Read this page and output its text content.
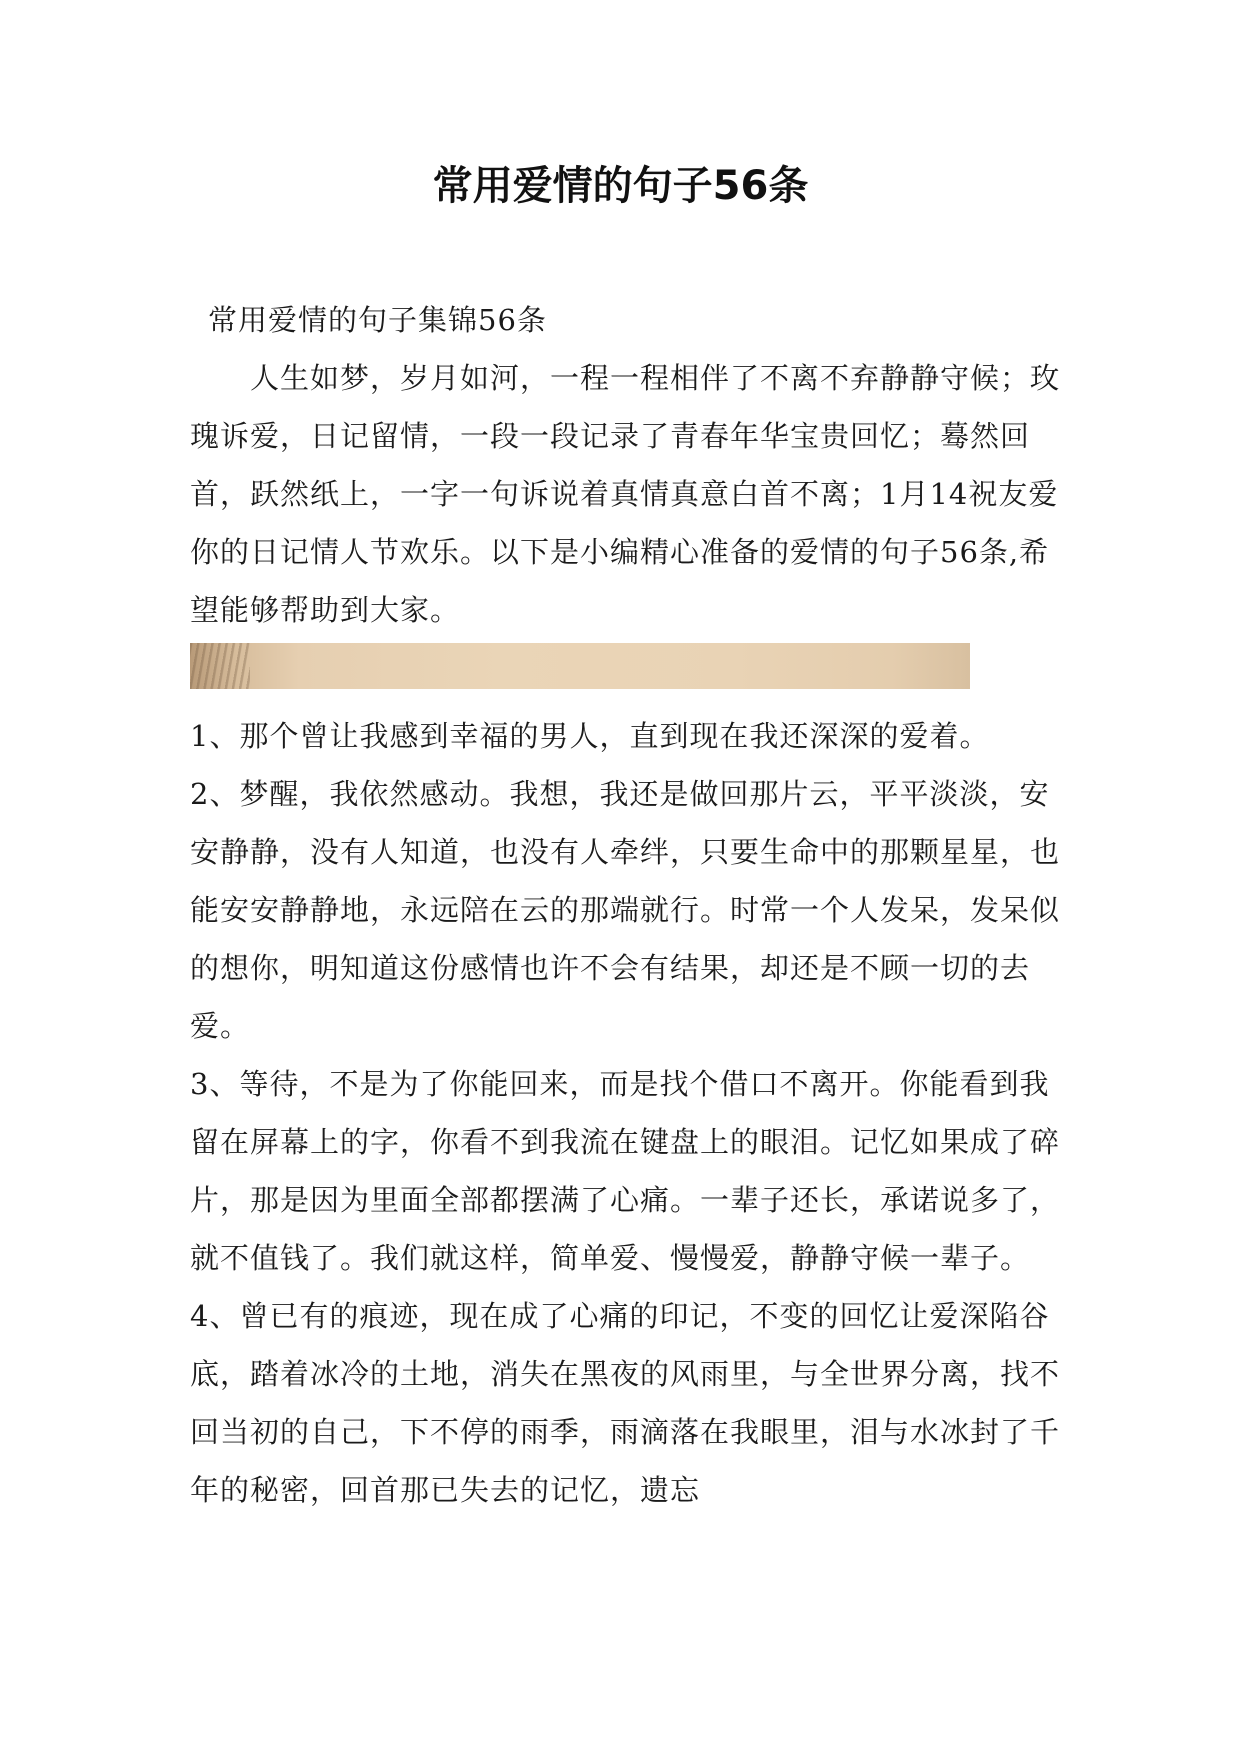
常用爱情的句子56条
常用爱情的句子集锦56条

人生如梦，岁月如河，一程一程相伴了不离不弃静静守候；玫瑰诉爱，日记留情，一段一段记录了青春年华宝贵回忆；蓦然回首，跃然纸上，一字一句诉说着真情真意白首不离；1月14祝友爱你的日记情人节欢乐。以下是小编精心准备的爱情的句子56条,希望能够帮助到大家。

1、那个曾让我感到幸福的男人，直到现在我还深深的爱着。

2、梦醒，我依然感动。我想，我还是做回那片云，平平淡淡，安安静静，没有人知道，也没有人牵绊，只要生命中的那颗星星，也能安安静静地，永远陪在云的那端就行。时常一个人发呆，发呆似的想你，明知道这份感情也许不会有结果，却还是不顾一切的去爱。

3、等待，不是为了你能回来，而是找个借口不离开。你能看到我留在屏幕上的字，你看不到我流在键盘上的眼泪。记忆如果成了碎片，那是因为里面全部都摆满了心痛。一辈子还长，承诺说多了，就不值钱了。我们就这样，简单爱、慢慢爱，静静守候一辈子。

4、曾已有的痕迹，现在成了心痛的印记，不变的回忆让爱深陷谷底，踏着冰冷的土地，消失在黑夜的风雨里，与全世界分离，找不回当初的自己，下不停的雨季，雨滴落在我眼里，泪与水冰封了千年的秘密，回首那已失去的记忆，遗忘
